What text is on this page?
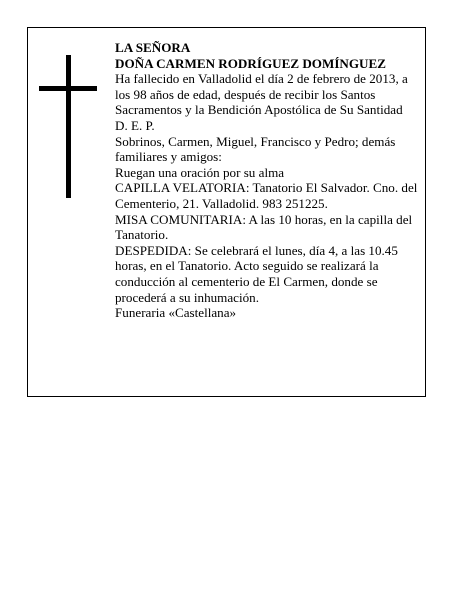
LA SEÑORA

DOÑA CARMEN RODRÍGUEZ DOMÍNGUEZ

Ha fallecido en Valladolid el día 2 de febrero de 2013, a los 98 años de edad, después de recibir los Santos Sacramentos y la Bendición Apostólica de Su Santidad

D. E. P.

Sobrinos, Carmen, Miguel, Francisco y Pedro; demás familiares y amigos:

Ruegan una oración por su alma

CAPILLA VELATORIA: Tanatorio El Salvador. Cno. del Cementerio, 21. Valladolid. 983 251225.

MISA COMUNITARIA: A las 10 horas, en la capilla del Tanatorio.

DESPEDIDA: Se celebrará el lunes, día 4, a las 10.45 horas, en el Tanatorio. Acto seguido se realizará la conducción al cementerio de El Carmen, donde se procederá a su inhumación.

Funeraria «Castellana»
